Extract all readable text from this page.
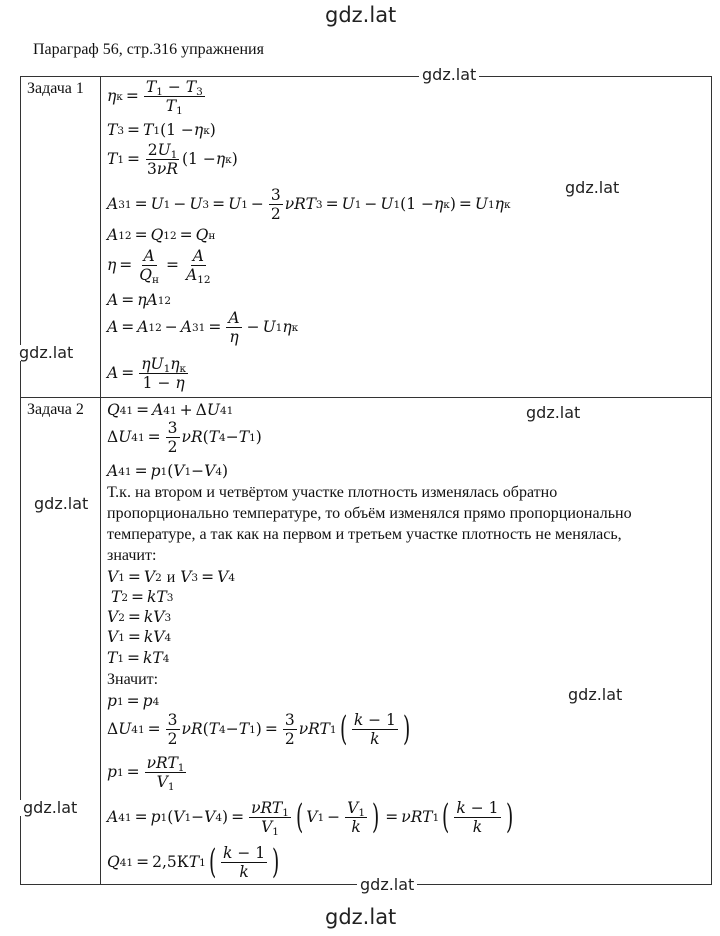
gdz.lat
gdz.lat
Параграф 56, стр.316 упражнения
gdz.lat
gdz.lat
gdz.lat
gdz.lat
gdz.lat
gdz.lat
gdz.lat
gdz.lat
Задача 1
Задача 2
η $к = \frac{T_1 - T_3}{T_1}$
T 3 = T 1 (1 − η к )
T $1 = \frac{2U_1}{3\nu R} (1 - \eta$ к )
A 31 = U 1 − U 3 = U $1 - \frac{3}{2}$ νRT 3 = U 1 − U 1 (1 − η к ) = U 1 η к
A 12 = Q 12 = Q н
$\eta = \frac{A}{Q_н} = \frac{A}{A_{12}}$
A = ηA 12
A = A 12 − A $31 = \frac{A}{\eta} - U$ 1 η к
$A = \frac{\eta U_1\eta_к}{1 - \eta}$
Q 41 = A 41 + Δ U 41
Δ U $41 = \frac{3}{2}$ νR ( T 4 − T 1 )
A 41 = p 1 ( V 1 − V 4 )
Т.к. на втором и четвёртом участке плотность изменялась обратно
пропорционально температуре, то объём изменялся прямо пропорционально
температуре, а так как на первом и третьем участке плотность не менялась,
значит:
V 1 = V 2
и
V 3 = V 4
T 2 = kT 3
V 2 = kV 3
V 1 = kV 4
T 1 = kT 4
Значит:
p 1 = p 4
Δ U $41 = \frac{3}{2}$ νR ( T 4 − T 1 ) = $\frac{3}{2}$ νRT 1 ( $\frac{k - 1}{k}$ )
p $1 = \frac{\nu RT_1}{V_1}$
A 41 = p 1 ( V 1 − V 4 ) = $\frac{\nu RT_1}{V_1}$ ( V $1 - \frac{V_1}{k}$ ) = νRT 1 ( $\frac{k - 1}{k}$ )
Q 41 = 2,5 К T 1 ( $\frac{k - 1}{k}$ )
